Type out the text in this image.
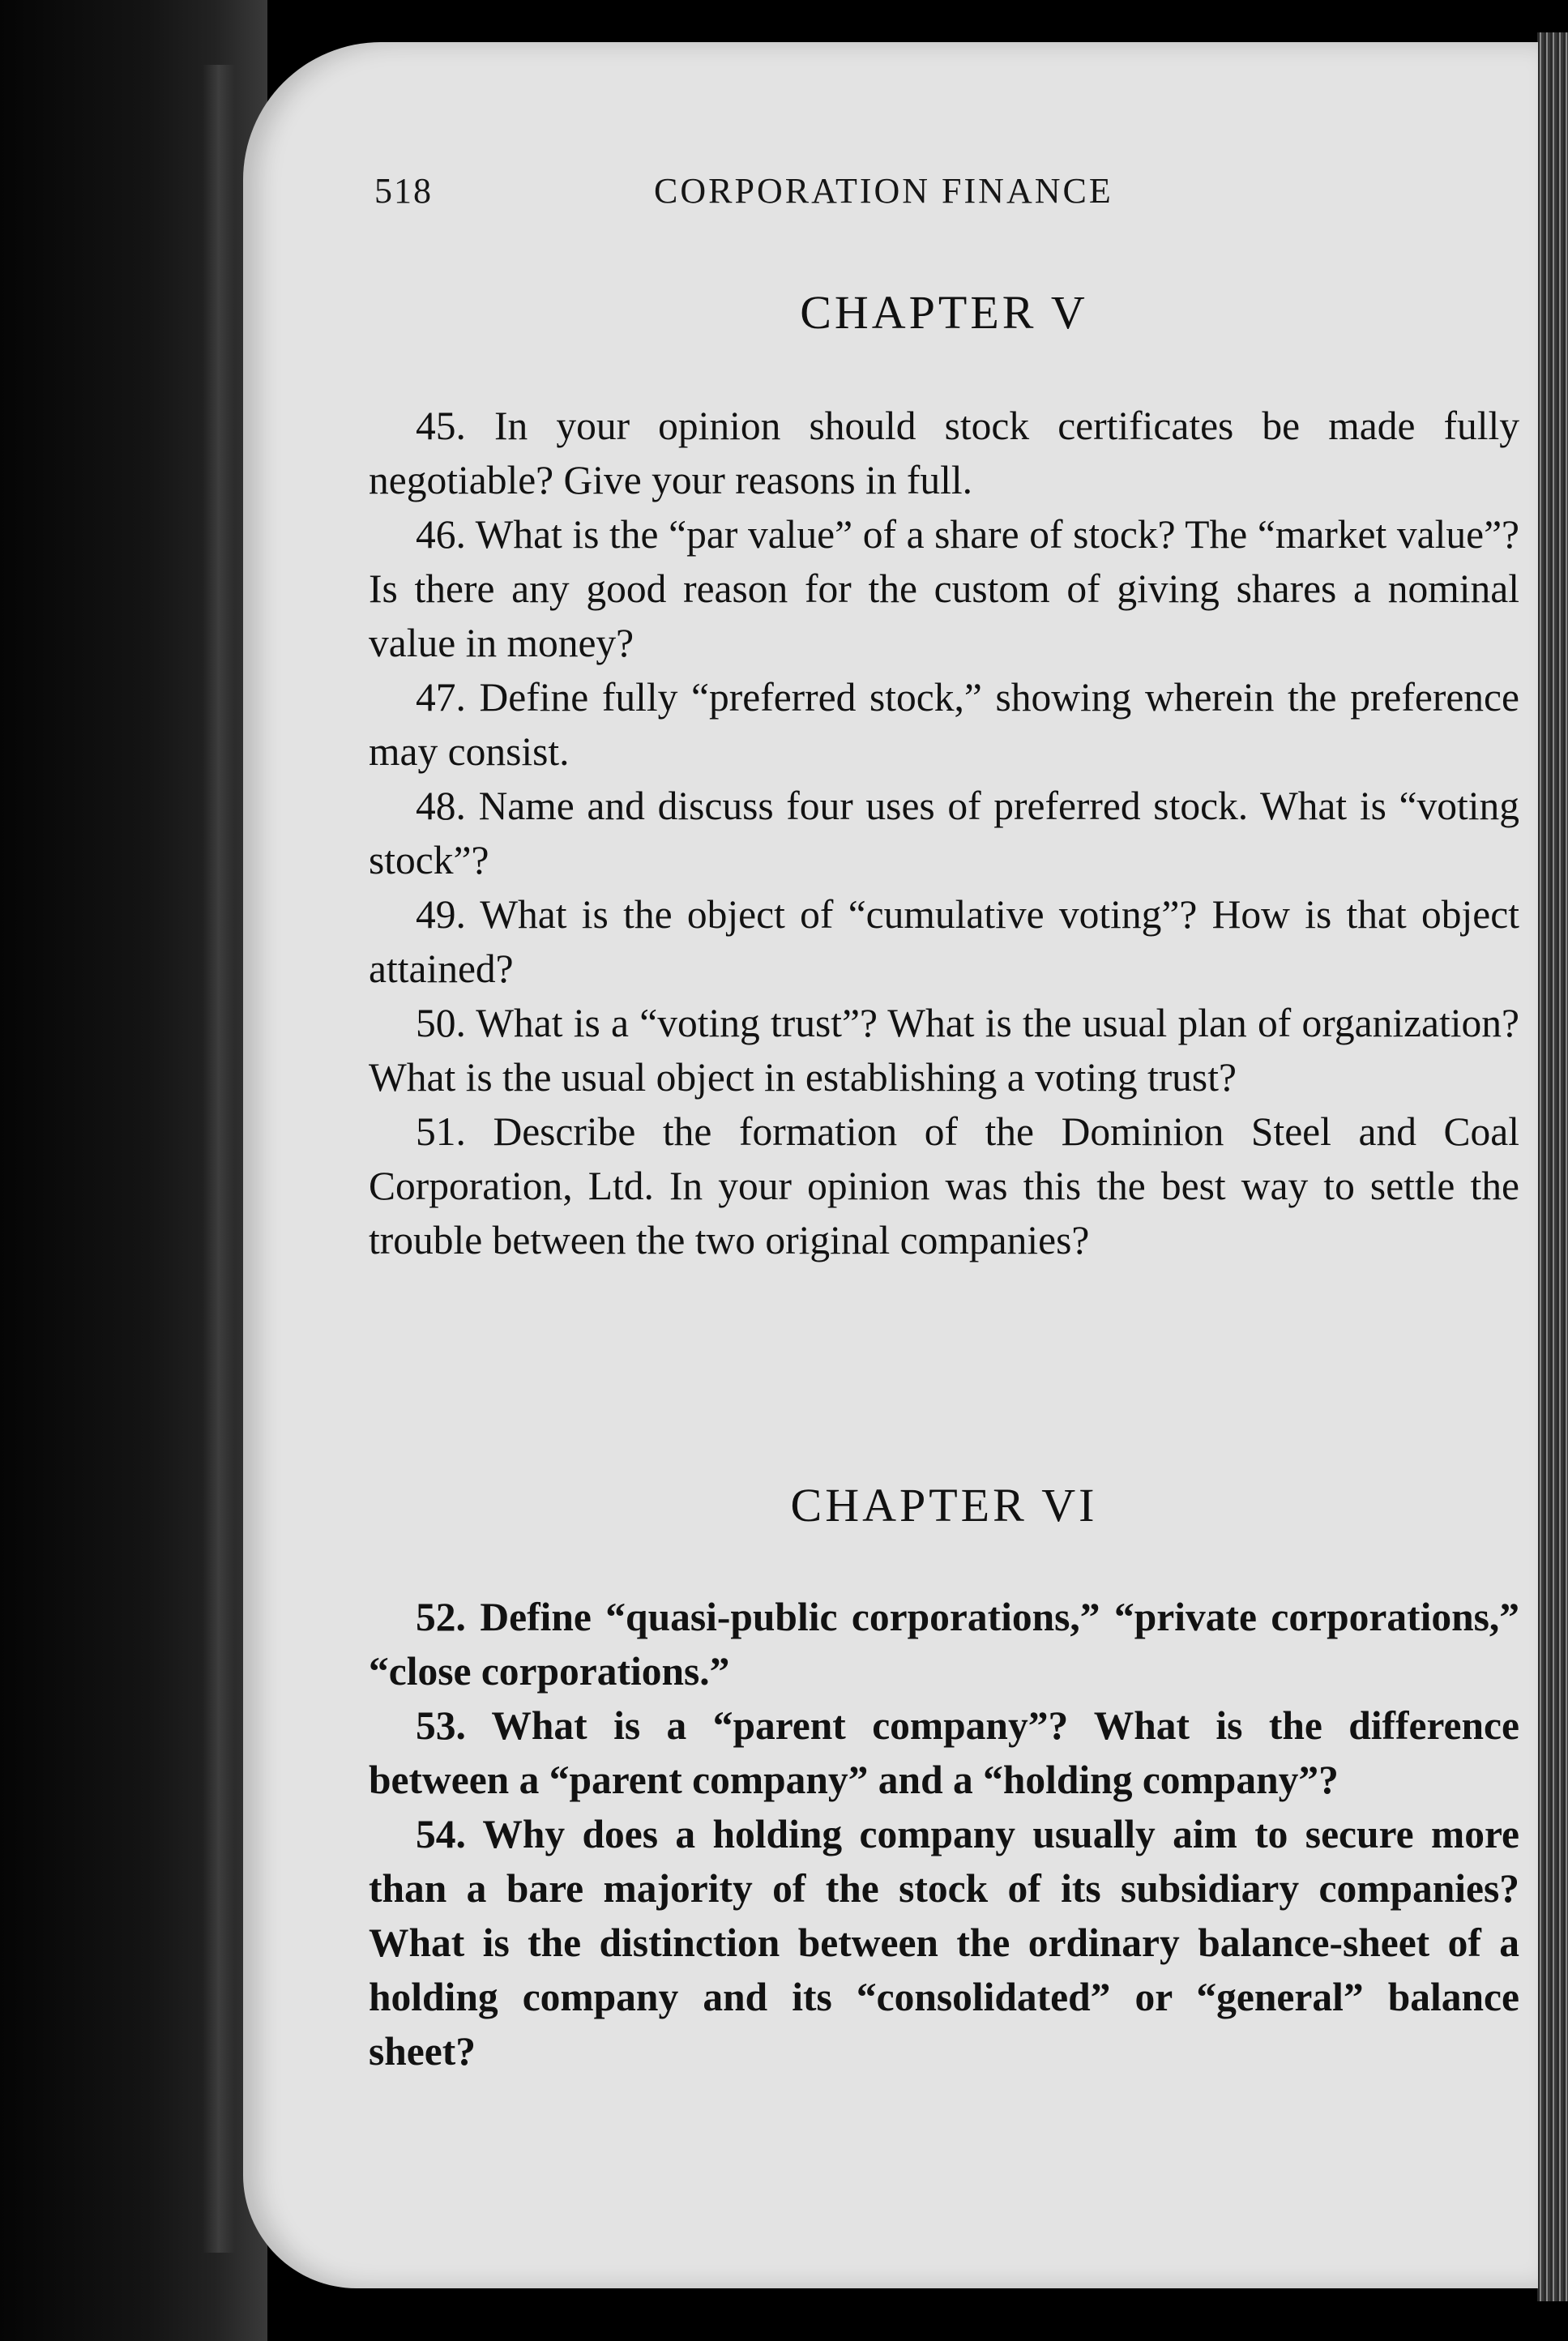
518	CORPORATION FINANCE
CHAPTER V

45. In your opinion should stock certificates be made fully negotiable? Give your reasons in full.

46. What is the “par value” of a share of stock? The “market value”? Is there any good reason for the custom of giving shares a nominal value in money?

47. Define fully “preferred stock,” showing wherein the preference may consist.

48. Name and discuss four uses of preferred stock. What is “voting stock”?

49. What is the object of “cumulative voting”? How is that object attained?

50. What is a “voting trust”? What is the usual plan of organization? What is the usual object in establishing a voting trust?

51. Describe the formation of the Dominion Steel and Coal Corporation, Ltd. In your opinion was this the best way to settle the trouble between the two original companies?

CHAPTER VI

52. Define “quasi-public corporations,” “private corporations,” “close corporations.”

53. What is a “parent company”? What is the difference between a “parent company” and a “holding company”?

54. Why does a holding company usually aim to secure more than a bare majority of the stock of its subsidiary companies? What is the distinction between the ordinary balance-sheet of a holding company and its “consolidated” or “general” balance sheet?
